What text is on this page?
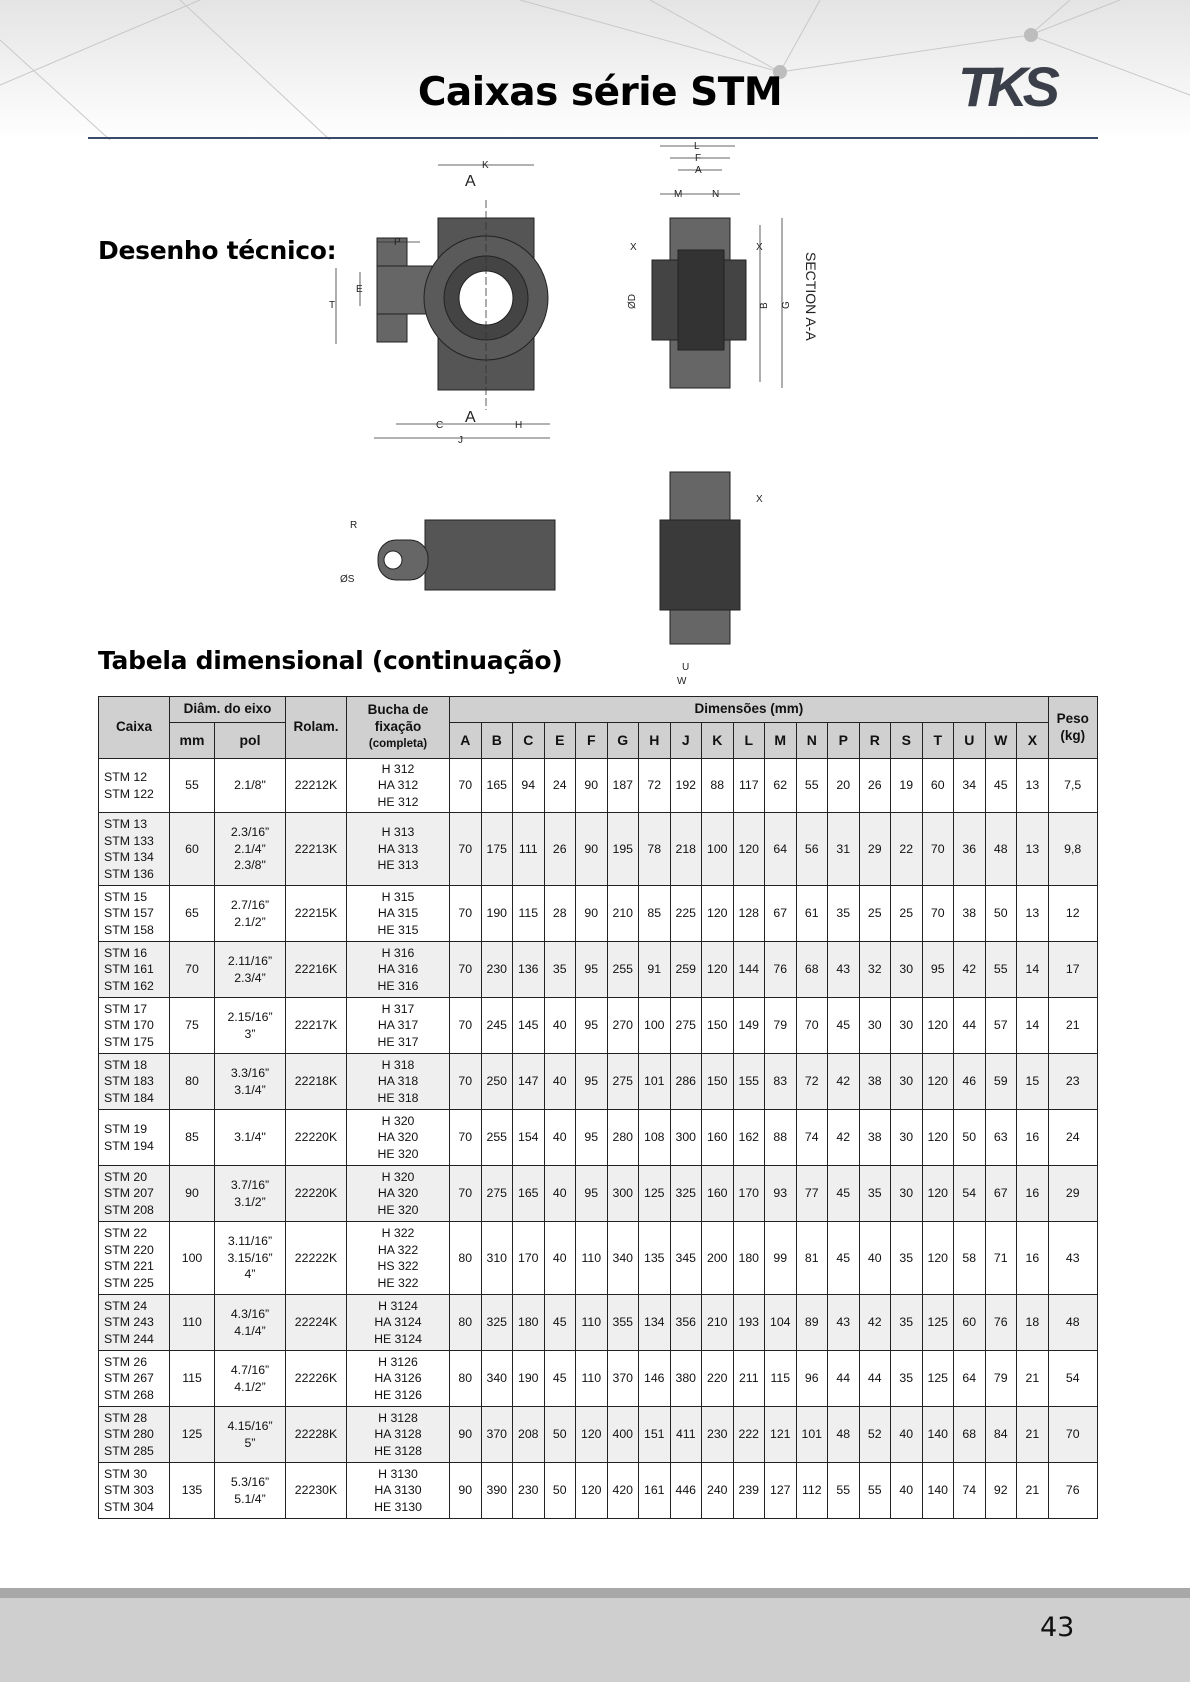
Caixas série STM	TKS
Desenho técnico:
K
A
A
P
E
T
C	H
J
L
F
A
M	N
X	X
ØD	B G SECTION A-A
R
ØS
X
U
W
Tabela dimensional (continuação)
Caixa	Diâm. do eixo		Rolam.	Bucha de
fixação
(completa)	Dimensões (mm)																			Peso
(kg)
	mm	pol			A	B	C	E	F	G	H	J	K	L	M	N	P	R	S	T	U	W	X	
STM 12
STM 122	55	2.1/8"	22212K	H 312
HA 312
HE 312	70	165	94	24	90	187	72	192	88	117	62	55	20	26	19	60	34	45	13	7,5
STM 13
STM 133
STM 134
STM 136	60	2.3/16”
2.1/4”
2.3/8"	22213K	H 313
HA 313
HE 313	70	175	111	26	90	195	78	218	100	120	64	56	31	29	22	70	36	48	13	9,8
STM 15
STM 157
STM 158	65	2.7/16”
2.1/2”	22215K	H 315
HA 315
HE 315	70	190	115	28	90	210	85	225	120	128	67	61	35	25	25	70	38	50	13	12
STM 16
STM 161
STM 162	70	2.11/16”
2.3/4”	22216K	H 316
HA 316
HE 316	70	230	136	35	95	255	91	259	120	144	76	68	43	32	30	95	42	55	14	17
STM 17
STM 170
STM 175	75	2.15/16”
3”	22217K	H 317
HA 317
HE 317	70	245	145	40	95	270	100	275	150	149	79	70	45	30	30	120	44	57	14	21
STM 18
STM 183
STM 184	80	3.3/16”
3.1/4”	22218K	H 318
HA 318
HE 318	70	250	147	40	95	275	101	286	150	155	83	72	42	38	30	120	46	59	15	23
STM 19
STM 194	85	3.1/4"	22220K	H 320
HA 320
HE 320	70	255	154	40	95	280	108	300	160	162	88	74	42	38	30	120	50	63	16	24
STM 20
STM 207
STM 208	90	3.7/16”
3.1/2”	22220K	H 320
HA 320
HE 320	70	275	165	40	95	300	125	325	160	170	93	77	45	35	30	120	54	67	16	29
STM 22
STM 220
STM 221
STM 225	100	3.11/16”
3.15/16”
4”	22222K	H 322
HA 322
HS 322
HE 322	80	310	170	40	110	340	135	345	200	180	99	81	45	40	35	120	58	71	16	43
STM 24
STM 243
STM 244	110	4.3/16”
4.1/4”	22224K	H 3124
HA 3124
HE 3124	80	325	180	45	110	355	134	356	210	193	104	89	43	42	35	125	60	76	18	48
STM 26
STM 267
STM 268	115	4.7/16”
4.1/2”	22226K	H 3126
HA 3126
HE 3126	80	340	190	45	110	370	146	380	220	211	115	96	44	44	35	125	64	79	21	54
STM 28
STM 280
STM 285	125	4.15/16”
5”	22228K	H 3128
HA 3128
HE 3128	90	370	208	50	120	400	151	411	230	222	121	101	48	52	40	140	68	84	21	70
STM 30
STM 303
STM 304	135	5.3/16”
5.1/4”	22230K	H 3130
HA 3130
HE 3130	90	390	230	50	120	420	161	446	240	239	127	112	55	55	40	140	74	92	21	76
43
